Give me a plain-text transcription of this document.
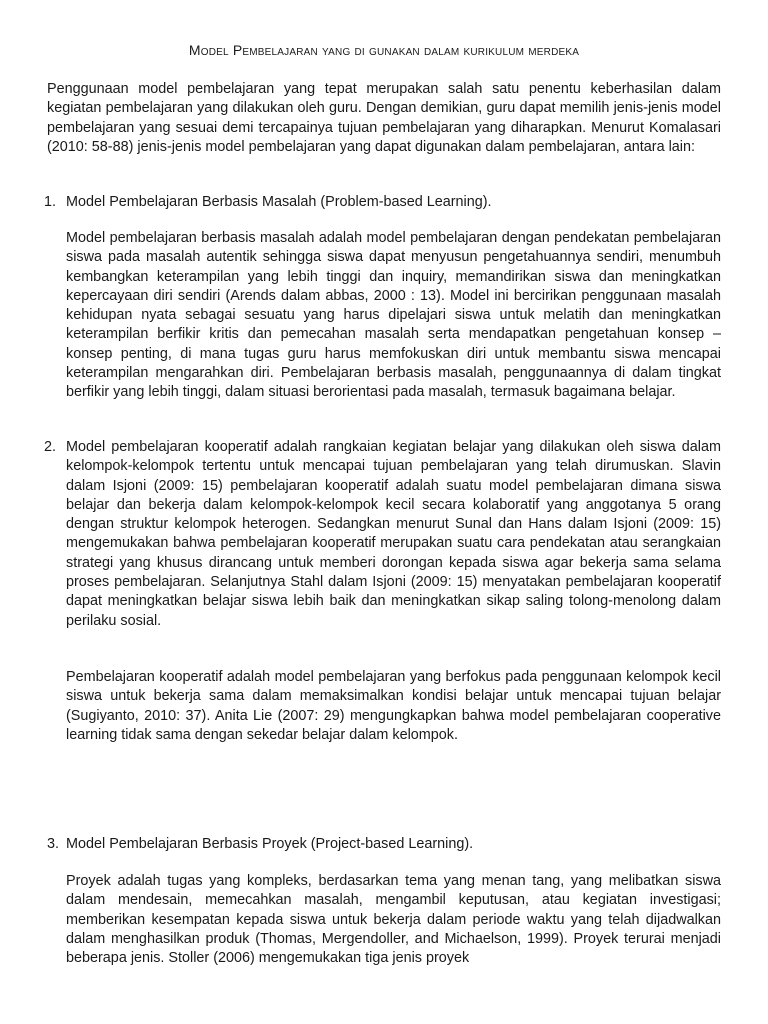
Model Pembelajaran yang di gunakan dalam kurikulum merdeka

Penggunaan model pembelajaran yang tepat merupakan salah satu penentu keberhasilan dalam kegiatan pembelajaran yang dilakukan oleh guru. Dengan demikian, guru dapat memilih jenis-jenis model pembelajaran yang sesuai demi tercapainya tujuan pembelajaran yang diharapkan. Menurut Komalasari (2010: 58-88) jenis-jenis model pembelajaran yang dapat digunakan dalam pembelajaran, antara lain:

1. Model Pembelajaran Berbasis Masalah (Problem-based Learning).

Model pembelajaran berbasis masalah adalah model pembelajaran dengan pendekatan pembelajaran siswa pada masalah autentik sehingga siswa dapat menyusun pengetahuannya sendiri, menumbuh kembangkan keterampilan yang lebih tinggi dan inquiry, memandirikan siswa dan meningkatkan kepercayaan diri sendiri (Arends dalam abbas, 2000 : 13). Model ini bercirikan penggunaan masalah kehidupan nyata sebagai sesuatu yang harus dipelajari siswa untuk melatih dan meningkatkan keterampilan berfikir kritis dan pemecahan masalah serta mendapatkan pengetahuan konsep – konsep penting, di mana tugas guru harus memfokuskan diri untuk membantu siswa mencapai keterampilan mengarahkan diri. Pembelajaran berbasis masalah, penggunaannya di dalam tingkat berfikir yang lebih tinggi, dalam situasi berorientasi pada masalah, termasuk bagaimana belajar.

2. Model pembelajaran kooperatif adalah rangkaian kegiatan belajar yang dilakukan oleh siswa dalam kelompok-kelompok tertentu untuk mencapai tujuan pembelajaran yang telah dirumuskan. Slavin dalam Isjoni (2009: 15) pembelajaran kooperatif adalah suatu model pembelajaran dimana siswa belajar dan bekerja dalam kelompok-kelompok kecil secara kolaboratif yang anggotanya 5 orang dengan struktur kelompok heterogen. Sedangkan menurut Sunal dan Hans dalam Isjoni (2009: 15) mengemukakan bahwa pembelajaran kooperatif merupakan suatu cara pendekatan atau serangkaian strategi yang khusus dirancang untuk memberi dorongan kepada siswa agar bekerja sama selama proses pembelajaran. Selanjutnya Stahl dalam Isjoni (2009: 15) menyatakan pembelajaran kooperatif dapat meningkatkan belajar siswa lebih baik dan meningkatkan sikap saling tolong-menolong dalam perilaku sosial.

Pembelajaran kooperatif adalah model pembelajaran yang berfokus pada penggunaan kelompok kecil siswa untuk bekerja sama dalam memaksimalkan kondisi belajar untuk mencapai tujuan belajar (Sugiyanto, 2010: 37). Anita Lie (2007: 29) mengungkapkan bahwa model pembelajaran cooperative learning tidak sama dengan sekedar belajar dalam kelompok.

3. Model Pembelajaran Berbasis Proyek (Project-based Learning).

Proyek adalah tugas yang kompleks, berdasarkan tema yang menan tang, yang melibatkan siswa dalam mendesain, memecahkan masalah, mengambil keputusan, atau kegiatan investigasi; memberikan kesempatan kepada siswa untuk bekerja dalam periode waktu yang telah dijadwalkan dalam menghasilkan produk (Thomas, Mergendoller, and Michaelson, 1999). Proyek terurai menjadi beberapa jenis. Stoller (2006) mengemukakan tiga jenis proyek
